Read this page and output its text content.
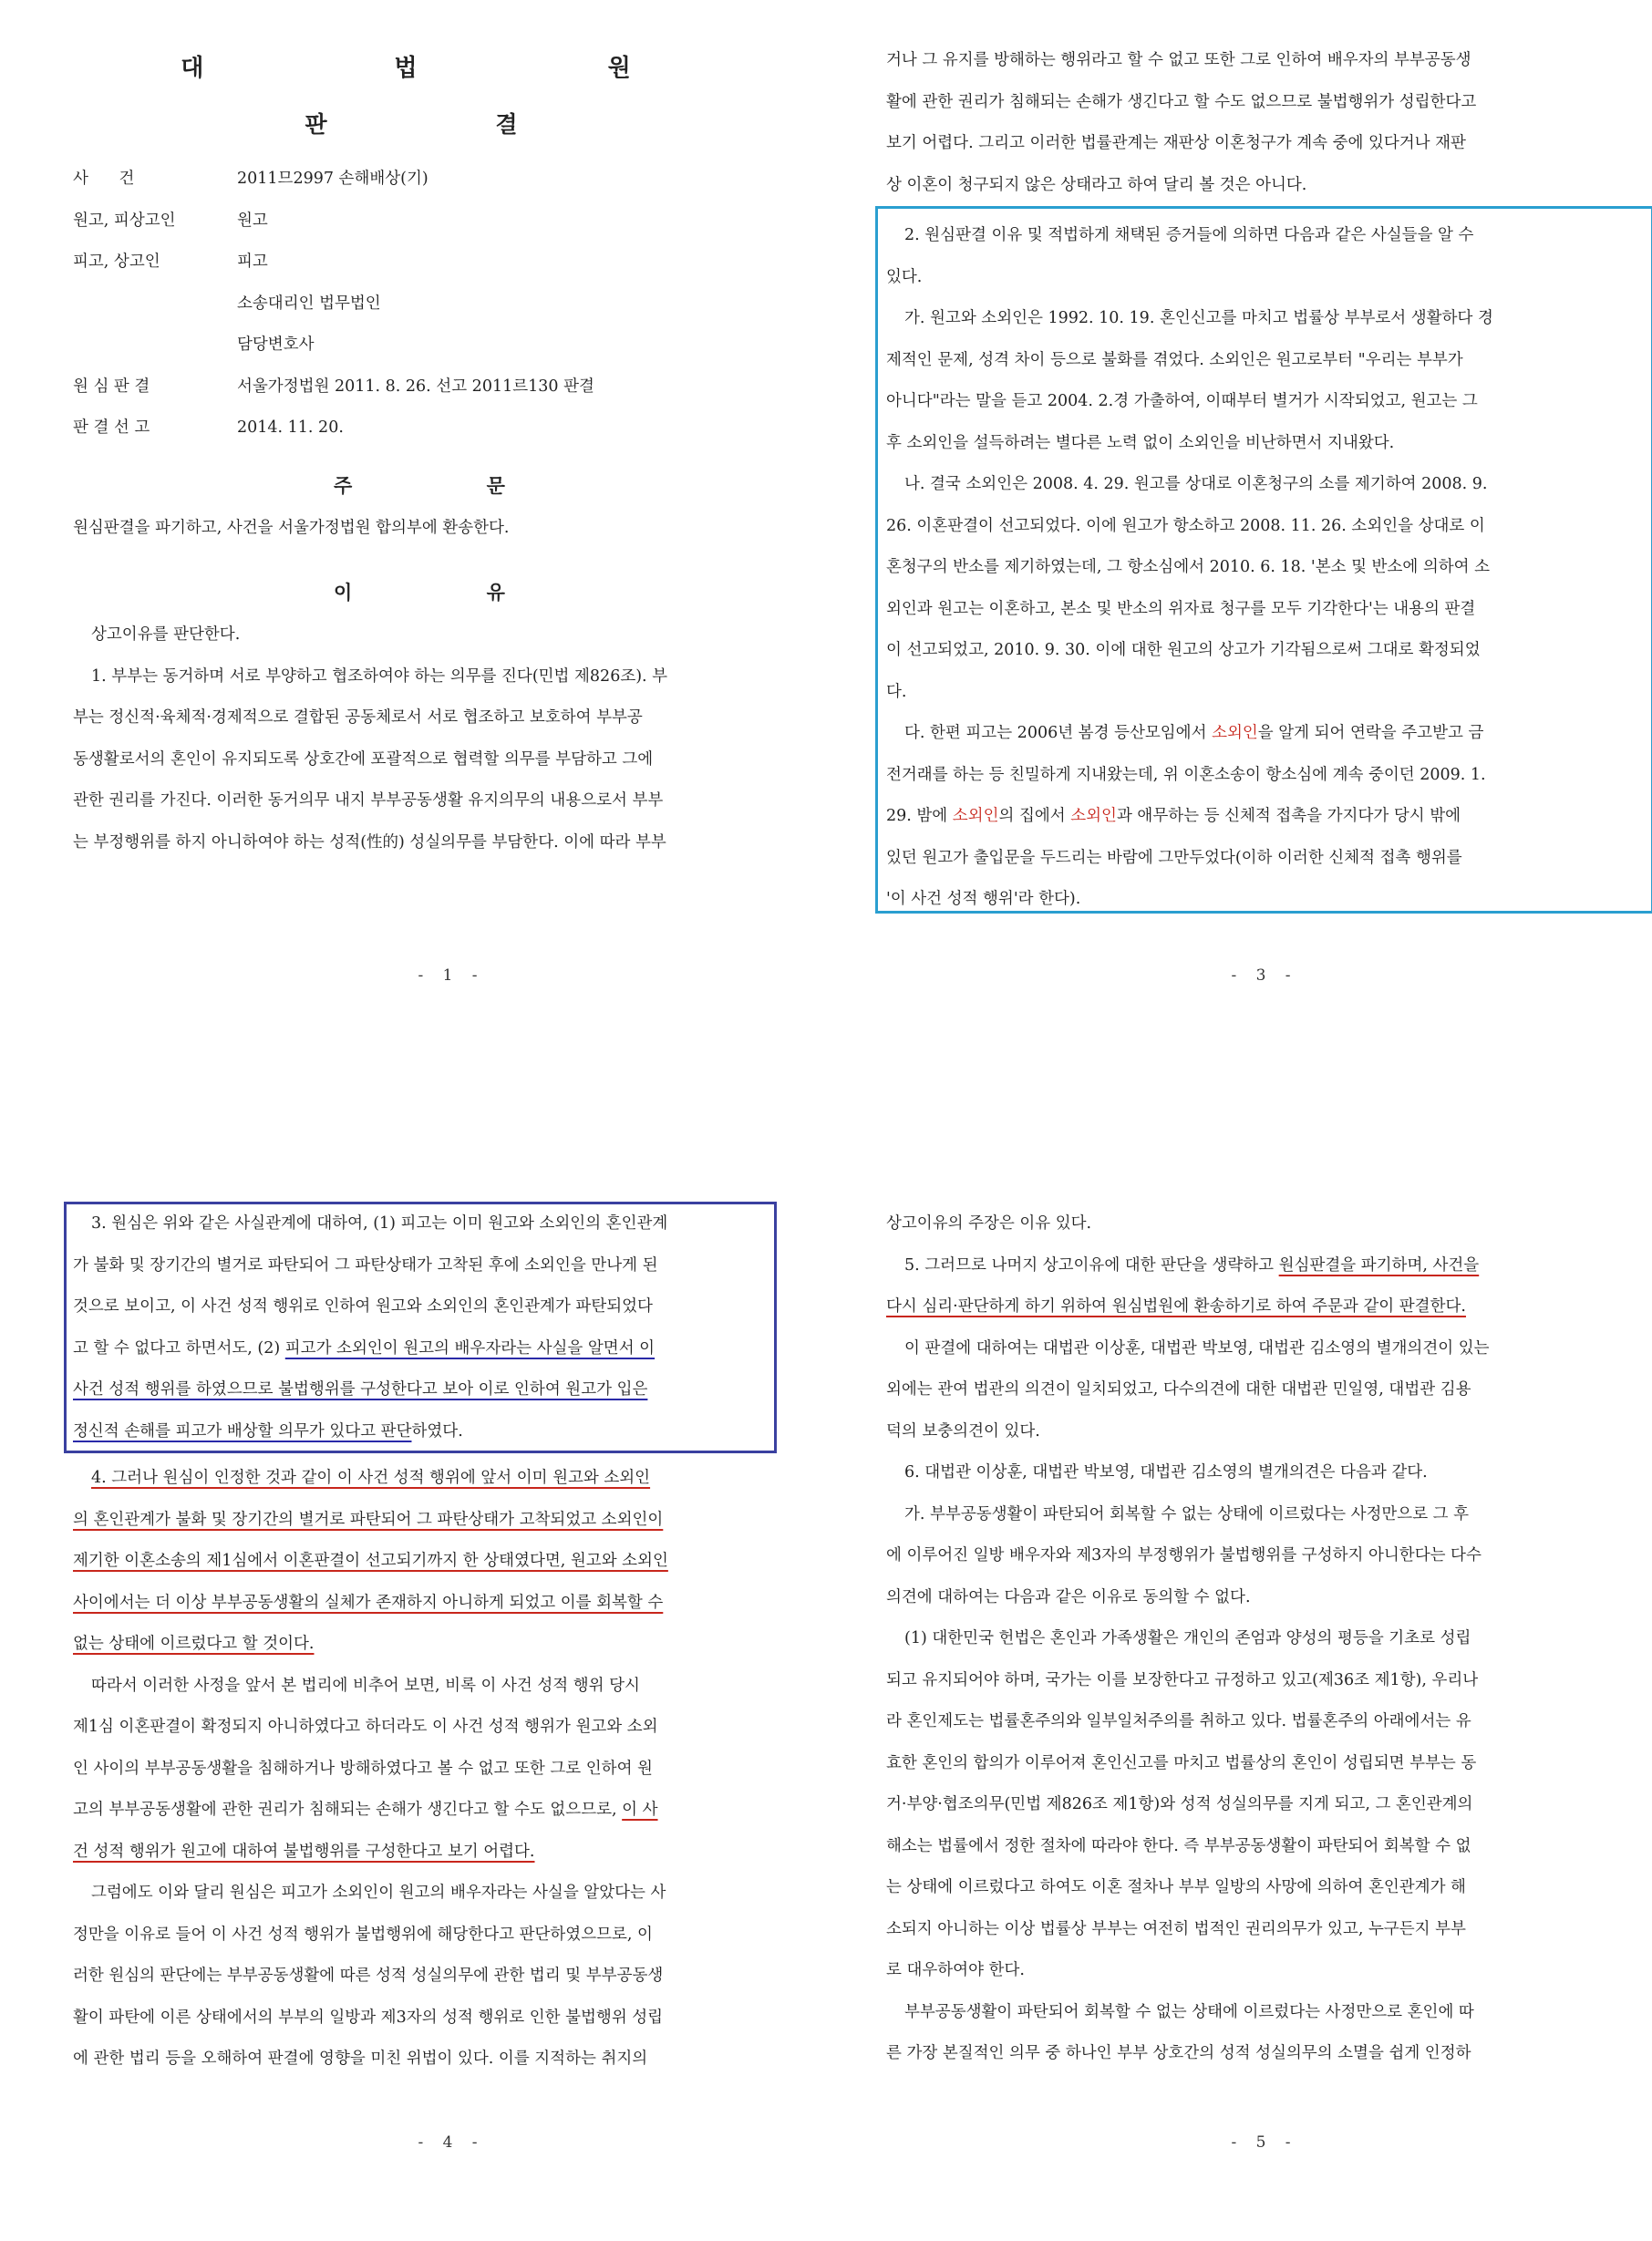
대 법 원
판 결
사 건	2011므2997 손해배상(기)
원고, 피상고인	원고
피고, 상고인	피고
소송대리인 법무법인
담당변호사
원 심 판 결	서울가정법원 2011. 8. 26. 선고 2011르130 판결
판 결 선 고	2014. 11. 20.
주 문
원심판결을 파기하고, 사건을 서울가정법원 합의부에 환송한다.
이 유
상고이유를 판단한다.
1. 부부는 동거하며 서로 부양하고 협조하여야 하는 의무를 진다(민법 제826조). 부
부는 정신적·육체적·경제적으로 결합된 공동체로서 서로 협조하고 보호하여 부부공
동생활로서의 혼인이 유지되도록 상호간에 포괄적으로 협력할 의무를 부담하고 그에
관한 권리를 가진다. 이러한 동거의무 내지 부부공동생활 유지의무의 내용으로서 부부
는 부정행위를 하지 아니하여야 하는 성적(性的) 성실의무를 부담한다. 이에 따라 부부
- 1 -
거나 그 유지를 방해하는 행위라고 할 수 없고 또한 그로 인하여 배우자의 부부공동생
활에 관한 권리가 침해되는 손해가 생긴다고 할 수도 없으므로 불법행위가 성립한다고
보기 어렵다. 그리고 이러한 법률관계는 재판상 이혼청구가 계속 중에 있다거나 재판
상 이혼이 청구되지 않은 상태라고 하여 달리 볼 것은 아니다.
2. 원심판결 이유 및 적법하게 채택된 증거들에 의하면 다음과 같은 사실들을 알 수
있다.
가. 원고와 소외인은 1992. 10. 19. 혼인신고를 마치고 법률상 부부로서 생활하다 경
제적인 문제, 성격 차이 등으로 불화를 겪었다. 소외인은 원고로부터 "우리는 부부가
아니다"라는 말을 듣고 2004. 2.경 가출하여, 이때부터 별거가 시작되었고, 원고는 그
후 소외인을 설득하려는 별다른 노력 없이 소외인을 비난하면서 지내왔다.
나. 결국 소외인은 2008. 4. 29. 원고를 상대로 이혼청구의 소를 제기하여 2008. 9.
26. 이혼판결이 선고되었다. 이에 원고가 항소하고 2008. 11. 26. 소외인을 상대로 이
혼청구의 반소를 제기하였는데, 그 항소심에서 2010. 6. 18. '본소 및 반소에 의하여 소
외인과 원고는 이혼하고, 본소 및 반소의 위자료 청구를 모두 기각한다'는 내용의 판결
이 선고되었고, 2010. 9. 30. 이에 대한 원고의 상고가 기각됨으로써 그대로 확정되었
다.
다. 한편 피고는 2006년 봄경 등산모임에서 소외인을 알게 되어 연락을 주고받고 금
전거래를 하는 등 친밀하게 지내왔는데, 위 이혼소송이 항소심에 계속 중이던 2009. 1.
29. 밤에 소외인의 집에서 소외인과 애무하는 등 신체적 접촉을 가지다가 당시 밖에
있던 원고가 출입문을 두드리는 바람에 그만두었다(이하 이러한 신체적 접촉 행위를
'이 사건 성적 행위'라 한다).
- 3 -
3. 원심은 위와 같은 사실관계에 대하여, (1) 피고는 이미 원고와 소외인의 혼인관계
가 불화 및 장기간의 별거로 파탄되어 그 파탄상태가 고착된 후에 소외인을 만나게 된
것으로 보이고, 이 사건 성적 행위로 인하여 원고와 소외인의 혼인관계가 파탄되었다
고 할 수 없다고 하면서도, (2) 피고가 소외인이 원고의 배우자라는 사실을 알면서 이
사건 성적 행위를 하였으므로 불법행위를 구성한다고 보아 이로 인하여 원고가 입은
정신적 손해를 피고가 배상할 의무가 있다고 판단하였다.
4. 그러나 원심이 인정한 것과 같이 이 사건 성적 행위에 앞서 이미 원고와 소외인
의 혼인관계가 불화 및 장기간의 별거로 파탄되어 그 파탄상태가 고착되었고 소외인이
제기한 이혼소송의 제1심에서 이혼판결이 선고되기까지 한 상태였다면, 원고와 소외인
사이에서는 더 이상 부부공동생활의 실체가 존재하지 아니하게 되었고 이를 회복할 수
없는 상태에 이르렀다고 할 것이다.
따라서 이러한 사정을 앞서 본 법리에 비추어 보면, 비록 이 사건 성적 행위 당시
제1심 이혼판결이 확정되지 아니하였다고 하더라도 이 사건 성적 행위가 원고와 소외
인 사이의 부부공동생활을 침해하거나 방해하였다고 볼 수 없고 또한 그로 인하여 원
고의 부부공동생활에 관한 권리가 침해되는 손해가 생긴다고 할 수도 없으므로, 이 사
건 성적 행위가 원고에 대하여 불법행위를 구성한다고 보기 어렵다.
그럼에도 이와 달리 원심은 피고가 소외인이 원고의 배우자라는 사실을 알았다는 사
정만을 이유로 들어 이 사건 성적 행위가 불법행위에 해당한다고 판단하였으므로, 이
러한 원심의 판단에는 부부공동생활에 따른 성적 성실의무에 관한 법리 및 부부공동생
활이 파탄에 이른 상태에서의 부부의 일방과 제3자의 성적 행위로 인한 불법행위 성립
에 관한 법리 등을 오해하여 판결에 영향을 미친 위법이 있다. 이를 지적하는 취지의
- 4 -
상고이유의 주장은 이유 있다.
5. 그러므로 나머지 상고이유에 대한 판단을 생략하고 원심판결을 파기하며, 사건을
다시 심리·판단하게 하기 위하여 원심법원에 환송하기로 하여 주문과 같이 판결한다.
이 판결에 대하여는 대법관 이상훈, 대법관 박보영, 대법관 김소영의 별개의견이 있는
외에는 관여 법관의 의견이 일치되었고, 다수의견에 대한 대법관 민일영, 대법관 김용
덕의 보충의견이 있다.
6. 대법관 이상훈, 대법관 박보영, 대법관 김소영의 별개의견은 다음과 같다.
가. 부부공동생활이 파탄되어 회복할 수 없는 상태에 이르렀다는 사정만으로 그 후
에 이루어진 일방 배우자와 제3자의 부정행위가 불법행위를 구성하지 아니한다는 다수
의견에 대하여는 다음과 같은 이유로 동의할 수 없다.
(1) 대한민국 헌법은 혼인과 가족생활은 개인의 존엄과 양성의 평등을 기초로 성립
되고 유지되어야 하며, 국가는 이를 보장한다고 규정하고 있고(제36조 제1항), 우리나
라 혼인제도는 법률혼주의와 일부일처주의를 취하고 있다. 법률혼주의 아래에서는 유
효한 혼인의 합의가 이루어져 혼인신고를 마치고 법률상의 혼인이 성립되면 부부는 동
거·부양·협조의무(민법 제826조 제1항)와 성적 성실의무를 지게 되고, 그 혼인관계의
해소는 법률에서 정한 절차에 따라야 한다. 즉 부부공동생활이 파탄되어 회복할 수 없
는 상태에 이르렀다고 하여도 이혼 절차나 부부 일방의 사망에 의하여 혼인관계가 해
소되지 아니하는 이상 법률상 부부는 여전히 법적인 권리의무가 있고, 누구든지 부부
로 대우하여야 한다.
부부공동생활이 파탄되어 회복할 수 없는 상태에 이르렀다는 사정만으로 혼인에 따
른 가장 본질적인 의무 중 하나인 부부 상호간의 성적 성실의무의 소멸을 쉽게 인정하
- 5 -
